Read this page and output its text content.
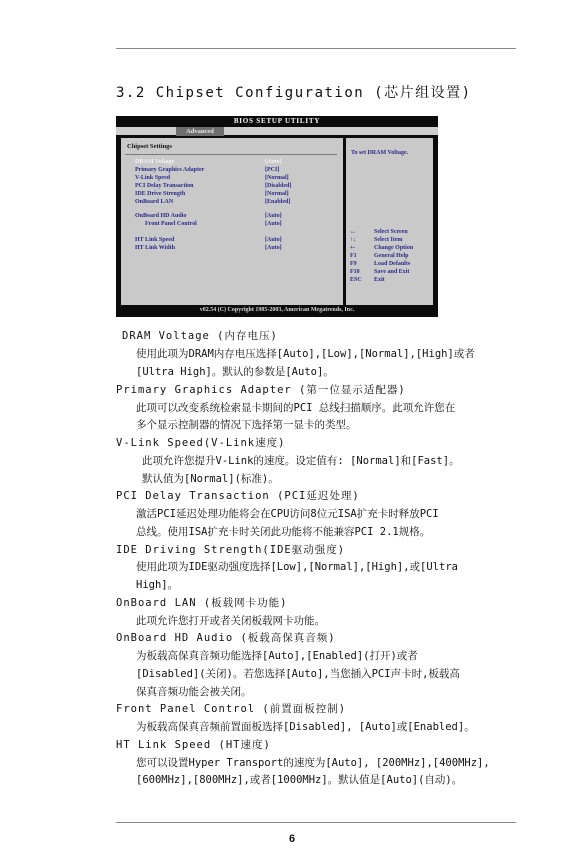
3.2 Chipset Configuration (芯片组设置)
BIOS SETUP UTILITY
Advanced
Chipset Settings
DRAM Voltage	[Auto]
Primary Graphics Adapter	[PCI]
V-Link Speed	[Normal]
PCI Delay Transaction	[Disabled]
IDE Drive Strength	[Normal]
OnBoard LAN	[Enabled]
OnBoard HD Audio	[Auto]
Front Panel Control	[Auto]
HT Link Speed	[Auto]
HT Link Width	[Auto]
To set DRAM Voltage.
↔	Select Screen
↑↓	Select Item
+-	Change Option
F1	General Help
F9	Load Defaults
F10 Save and Exit
ESC Exit
v02.54 (C) Copyright 1985-2003, American Megatrends, Inc.
DRAM Voltage (内存电压)
使用此项为DRAM内存电压选择[Auto],[Low],[Normal],[High]或者
[Ultra High]。默认的参数是[Auto]。
Primary Graphics Adapter (第一位显示适配器)
此项可以改变系统检索显卡期间的PCI 总线扫描顺序。此项允许您在
多个显示控制器的情况下选择第一显卡的类型。
V-Link Speed(V-Link速度)
此项允许您提升V-Link的速度。设定值有: [Normal]和[Fast]。
默认值为[Normal](标准)。
PCI Delay Transaction (PCI延迟处理)
激活PCI延迟处理功能将会在CPU访问8位元ISA扩充卡时释放PCI
总线。使用ISA扩充卡时关闭此功能将不能兼容PCI 2.1规格。
IDE Driving Strength(IDE驱动强度)
使用此项为IDE驱动强度选择[Low],[Normal],[High],或[Ultra
High]。
OnBoard LAN (板载网卡功能)
此项允许您打开或者关闭板载网卡功能。
OnBoard HD Audio (板载高保真音频)
为板载高保真音频功能选择[Auto],[Enabled](打开)或者
[Disabled](关闭)。若您选择[Auto],当您插入PCI声卡时,板载高
保真音频功能会被关闭。
Front Panel Control (前置面板控制)
为板载高保真音频前置面板选择[Disabled], [Auto]或[Enabled]。
HT Link Speed (HT速度)
您可以设置Hyper Transport的速度为[Auto], [200MHz],[400MHz],
[600MHz],[800MHz],或者[1000MHz]。默认值是[Auto](自动)。
6
